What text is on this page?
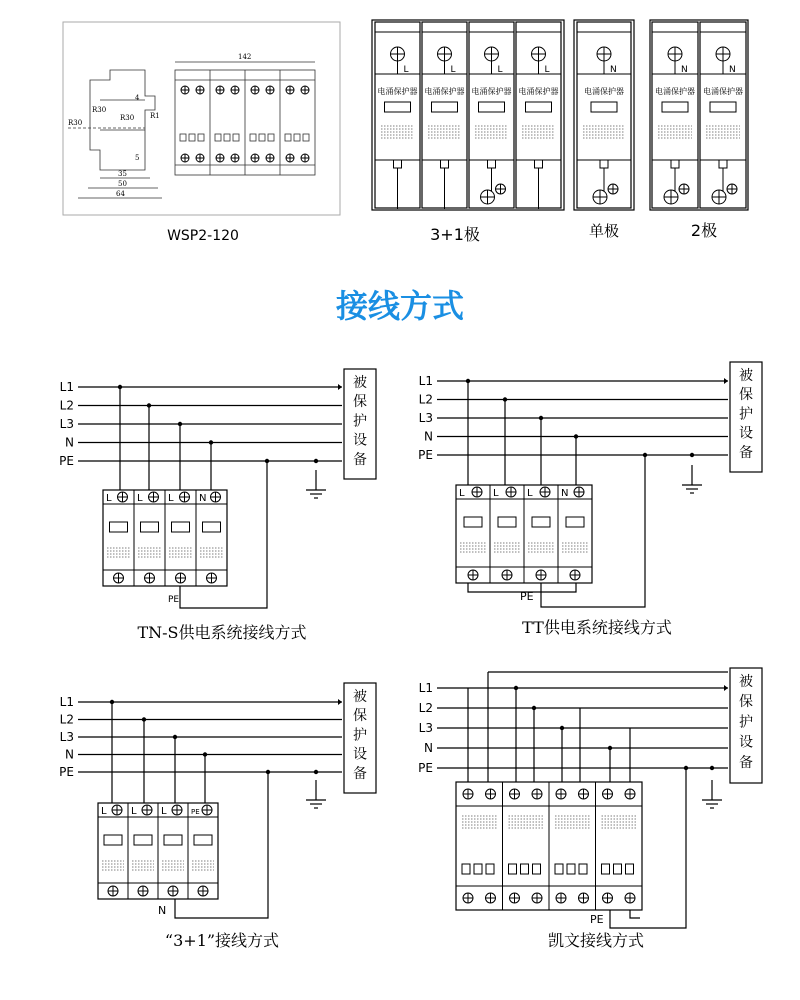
R30
R30
R30 R1
4
5
35
50
64
142
WSP2-120
L
电涌保护器
L
电涌保护器
L
电涌保护器
L
电涌保护器
N
电涌保护器
N
电涌保护器
N
电涌保护器
3+1极	单极	2极
接线方式
L1
L2
L3
N
PE
被
保
护
设
备
L	L	L	N
PE
L1
L2
L3
N
PE
被
保
护
设
备
L	L	L	N
PE
L1
L2
L3
N
PE
被
保
护
设
备
L L L	PE
N
L1
L2
L3
N
PE
被
保
护
设
备
PE
TN-S供电系统接线方式	TT供电系统接线方式
“3+1”接线方式	凯文接线方式
